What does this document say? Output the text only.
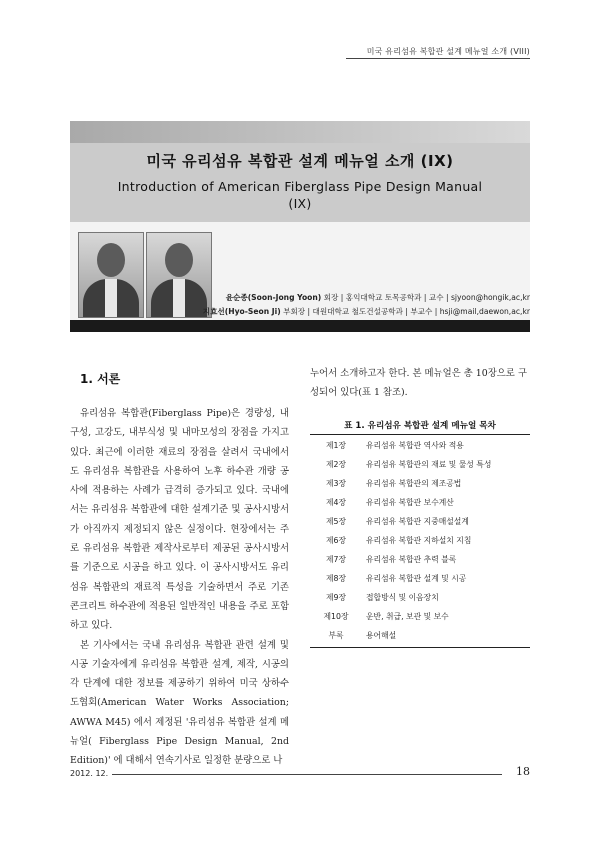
미국 유리섬유 복합관 설계 메뉴얼 소개 (VIII)
미국 유리섬유 복합관 설계 메뉴얼 소개 (IX)
Introduction of American Fiberglass Pipe Design Manual
(IX)
윤순종(Soon-Jong Yoon) 회장 | 홍익대학교 토목공학과 | 교수 | sjyoon@hongik,ac,kr
지효선(Hyo-Seon Ji) 부회장 | 대원대학교 철도건설공학과 | 부교수 | hsji@mail,daewon,ac,kr
1. 서론

유리섬유 복합관(Fiberglass Pipe)은 경량성, 내구성, 고강도, 내부식성 및 내마모성의 장점을 가지고 있다. 최근에 이러한 재료의 장점을 살려서 국내에서도 유리섬유 복합관을 사용하여 노후 하수관 개량 공사에 적용하는 사례가 급격히 증가되고 있다. 국내에서는 유리섬유 복합관에 대한 설계기준 및 공사시방서가 아직까지 제정되지 않은 실정이다. 현장에서는 주로 유리섬유 복합관 제작사로부터 제공된 공사시방서를 기준으로 시공을 하고 있다. 이 공사시방서도 유리섬유 복합관의 재료적 특성을 기술하면서 주로 기존 콘크리트 하수관에 적용된 일반적인 내용을 주로 포함하고 있다.

본 기사에서는 국내 유리섬유 복합관 관련 설계 및 시공 기술자에게 유리섬유 복합관 설계, 제작, 시공의 각 단계에 대한 정보를 제공하기 위하여 미국 상하수도협회(American Water Works Association; AWWA M45) 에서 제정된 '유리섬유 복합관 설계 메뉴얼( Fiberglass Pipe Design Manual, 2nd Edition)' 에 대해서 연속기사로 일정한 분량으로 나

누어서 소개하고자 한다. 본 메뉴얼은 총 10장으로 구성되어 있다(표 1 참조).

표 1. 유리섬유 복합관 설계 메뉴얼 목차
제1장	유리섬유 복합관 역사와 적용
제2장	유리섬유 복합관의 재료 및 물성 특성
제3장	유리섬유 복합관의 제조공법
제4장	유리섬유 복합관 보수계산
제5장	유리섬유 복합관 지중매설설계
제6장	유리섬유 복합관 지하설치 지침
제7장	유리섬유 복합관 추력 블록
제8장	유리섬유 복합관 설계 및 시공
제9장	접합방식 및 이음장치
제10장	운반, 취급, 보관 및 보수
부록	용어해설
2012. 12.	18
